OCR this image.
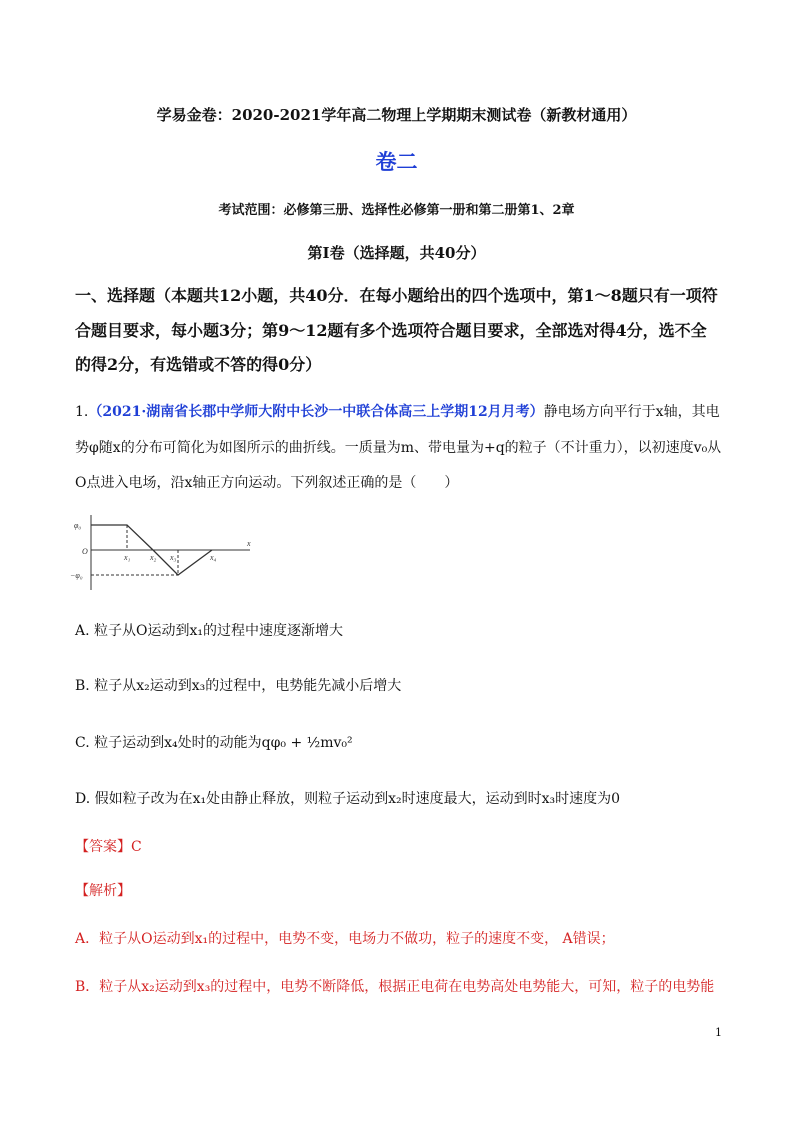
学易金卷：2020-2021学年高二物理上学期期末测试卷（新教材通用）
卷二
考试范围：必修第三册、选择性必修第一册和第二册第1、2章
第Ⅰ卷（选择题，共40分）
一、选择题（本题共12小题，共40分．在每小题给出的四个选项中，第1～8题只有一项符
合题目要求，每小题3分；第9～12题有多个选项符合题目要求，全部选对得4分，选不全
的得2分，有选错或不答的得0分）
1.（2021·湖南省长郡中学师大附中长沙一中联合体高三上学期12月月考）静电场方向平行于x轴，其电
势φ随x的分布可简化为如图所示的曲折线。一质量为m、带电量为+q的粒子（不计重力），以初速度v₀从
O点进入电场，沿x轴正方向运动。下列叙述正确的是（　　）
φ₀
−φ₀
O
x
x₁ x₂ x₃	x₄
A. 粒子从O运动到x₁的过程中速度逐渐增大
B. 粒子从x₂运动到x₃的过程中，电势能先减小后增大
C. 粒子运动到x₄处时的动能为qφ₀ + ½mv₀²
D. 假如粒子改为在x₁处由静止释放，则粒子运动到x₂时速度最大，运动到时x₃时速度为0
【答案】C
【解析】
A．粒子从O运动到x₁的过程中，电势不变，电场力不做功，粒子的速度不变， A错误；
B．粒子从x₂运动到x₃的过程中，电势不断降低，根据正电荷在电势高处电势能大，可知，粒子的电势能
1
